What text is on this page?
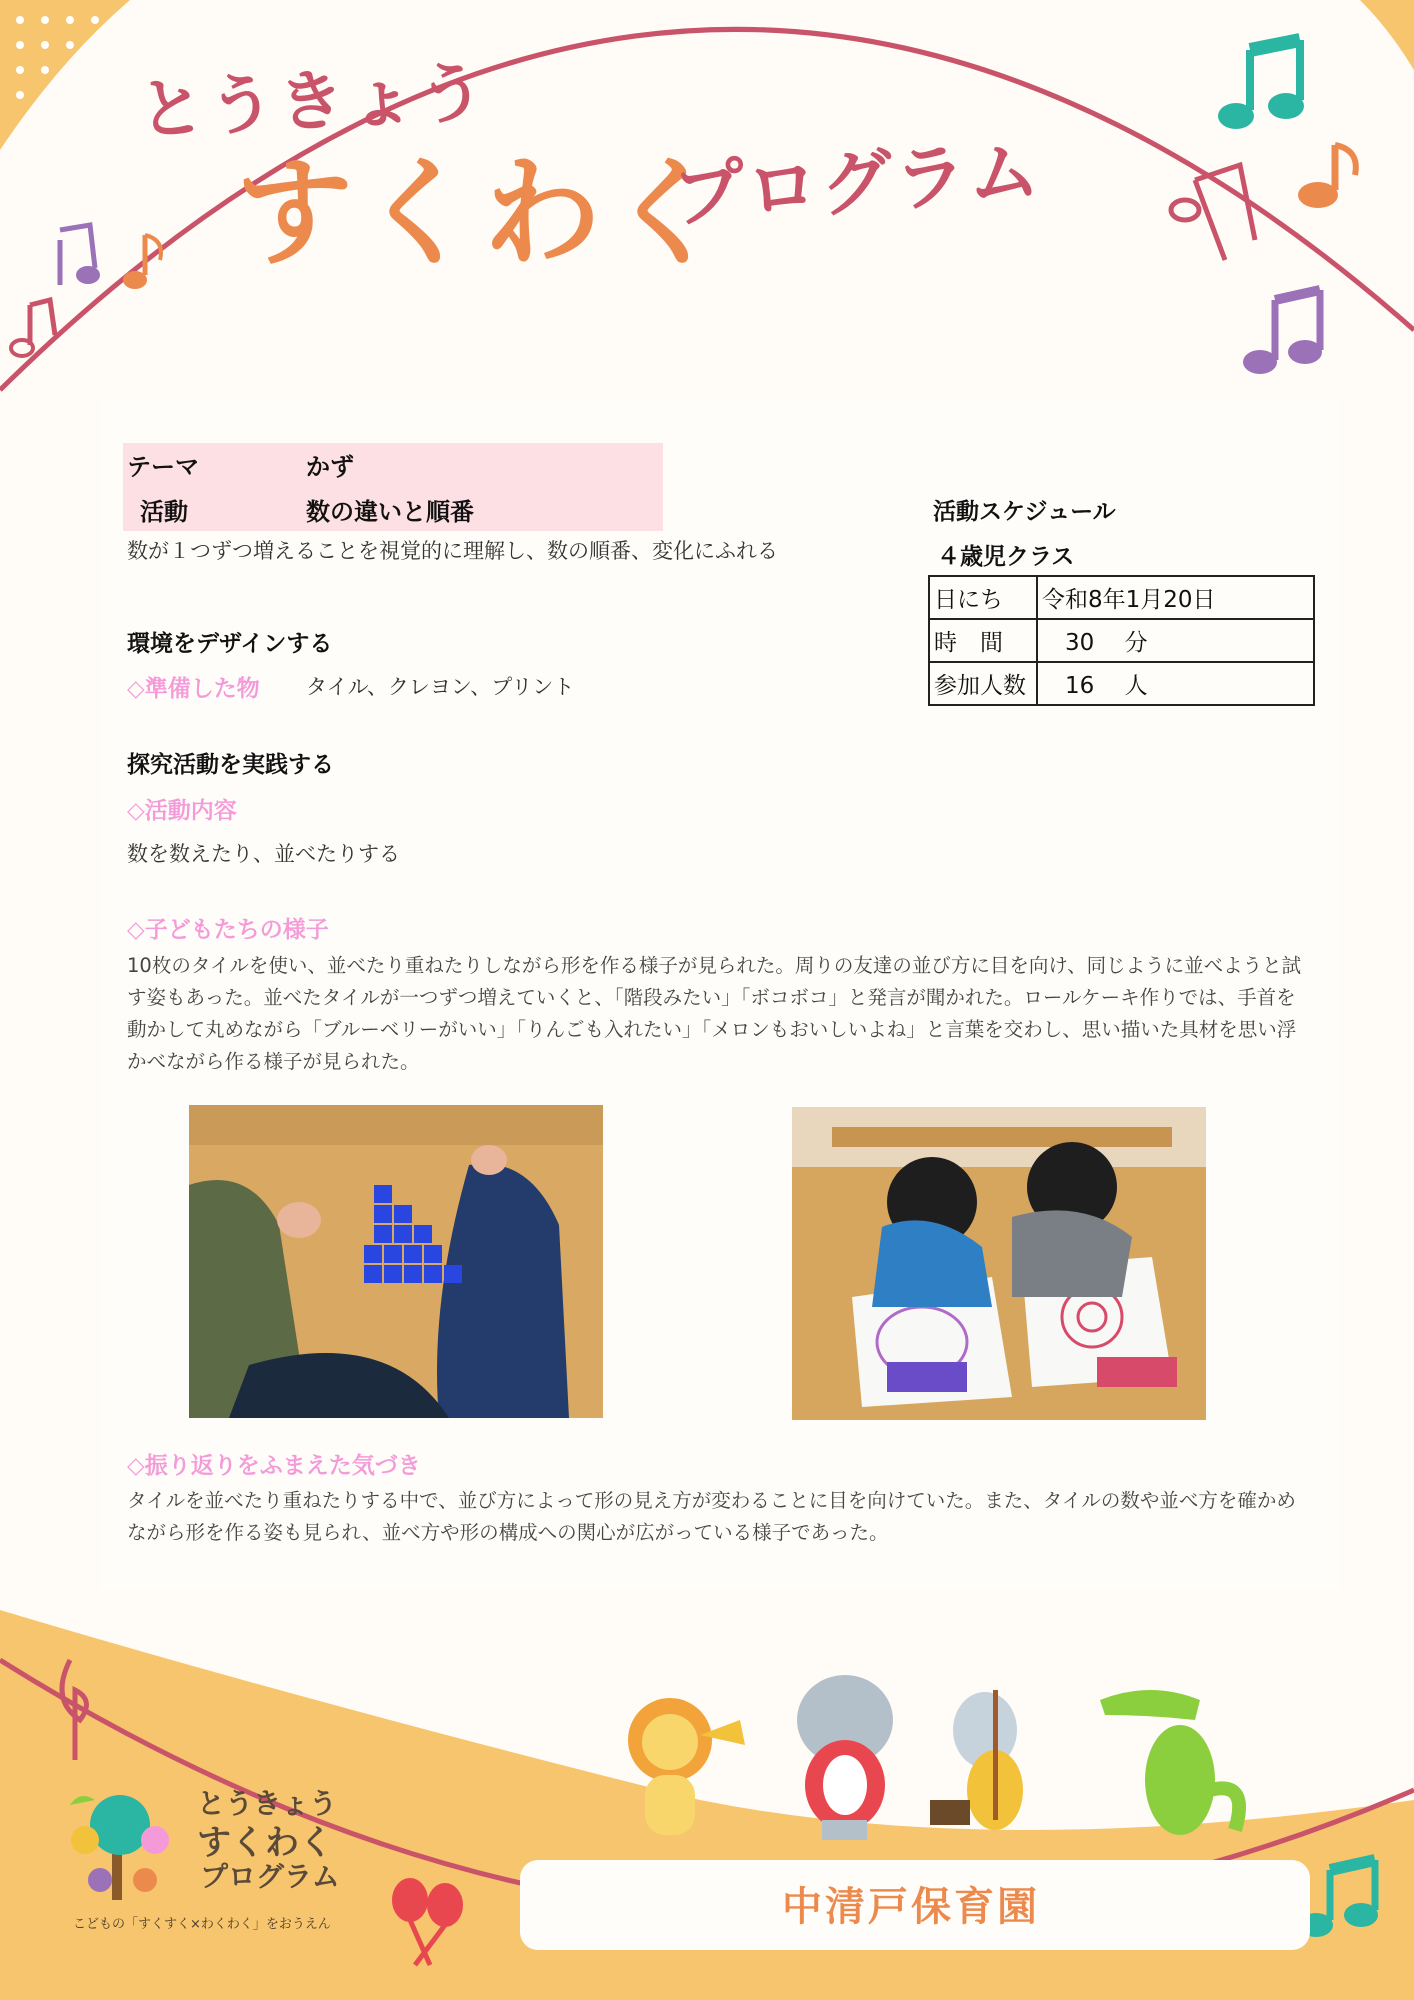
とうきょう
すくわく
プログラム
テーマ	かず
活動	数の違いと順番
数が１つずつ増えることを視覚的に理解し、数の順番、変化にふれる
活動スケジュール
４歳児クラス
日にち	令和8年1月20日
時　間	　30　 分
参加人数	　16 　人
環境をデザインする
◇準備した物 タイル、クレヨン、プリント
探究活動を実践する
◇活動内容
数を数えたり、並べたりする
◇子どもたちの様子
10枚のタイルを使い、並べたり重ねたりしながら形を作る様子が見られた。周りの友達の並び方に目を向け、同じように並べようと試す姿もあった。並べたタイルが一つずつ増えていくと、「階段みたい」「ボコボコ」と発言が聞かれた。ロールケーキ作りでは、手首を動かして丸めながら「ブルーベリーがいい」「りんごも入れたい」「メロンもおいしいよね」と言葉を交わし、思い描いた具材を思い浮かべながら作る様子が見られた。
◇振り返りをふまえた気づき
タイルを並べたり重ねたりする中で、並び方によって形の見え方が変わることに目を向けていた。また、タイルの数や並べ方を確かめながら形を作る姿も見られ、並べ方や形の構成への関心が広がっている様子であった。
とうきょう
すくわく
プログラム
こどもの「すくすく×わくわく」をおうえん	中清戸保育園
